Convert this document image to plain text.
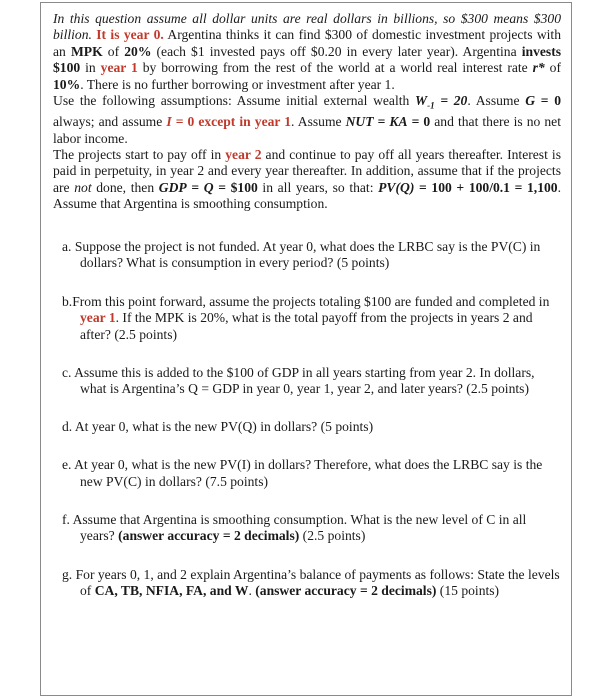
In this question assume all dollar units are real dollars in billions, so $300 means $300 billion. It is year 0. Argentina thinks it can find $300 of domestic investment projects with an MPK of 20% (each $1 invested pays off $0.20 in every later year). Argentina invests $100 in year 1 by borrowing from the rest of the world at a world real interest rate r* of 10%. There is no further borrowing or investment after year 1.

Use the following assumptions: Assume initial external wealth $W_{-1} = 20$. Assume G = 0 always; and assume I = 0 except in year 1. Assume NUT = KA = 0 and that there is no net labor income.

The projects start to pay off in year 2 and continue to pay off all years thereafter. Interest is paid in perpetuity, in year 2 and every year thereafter. In addition, assume that if the projects are not done, then GDP = Q = $100 in all years, so that: PV(Q) = 100 + 100/0.1 = 1,100. Assume that Argentina is smoothing consumption.

a. Suppose the project is not funded. At year 0, what does the LRBC say is the PV(C) in dollars? What is consumption in every period? (5 points)

b.From this point forward, assume the projects totaling $100 are funded and completed in year 1. If the MPK is 20%, what is the total payoff from the projects in years 2 and after? (2.5 points)

c. Assume this is added to the $100 of GDP in all years starting from year 2. In dollars, what is Argentina’s Q = GDP in year 0, year 1, year 2, and later years? (2.5 points)

d. At year 0, what is the new PV(Q) in dollars? (5 points)

e. At year 0, what is the new PV(I) in dollars? Therefore, what does the LRBC say is the new PV(C) in dollars? (7.5 points)

f. Assume that Argentina is smoothing consumption. What is the new level of C in all years? (answer accuracy = 2 decimals) (2.5 points)

g. For years 0, 1, and 2 explain Argentina’s balance of payments as follows: State the levels of CA, TB, NFIA, FA, and W. (answer accuracy = 2 decimals) (15 points)
